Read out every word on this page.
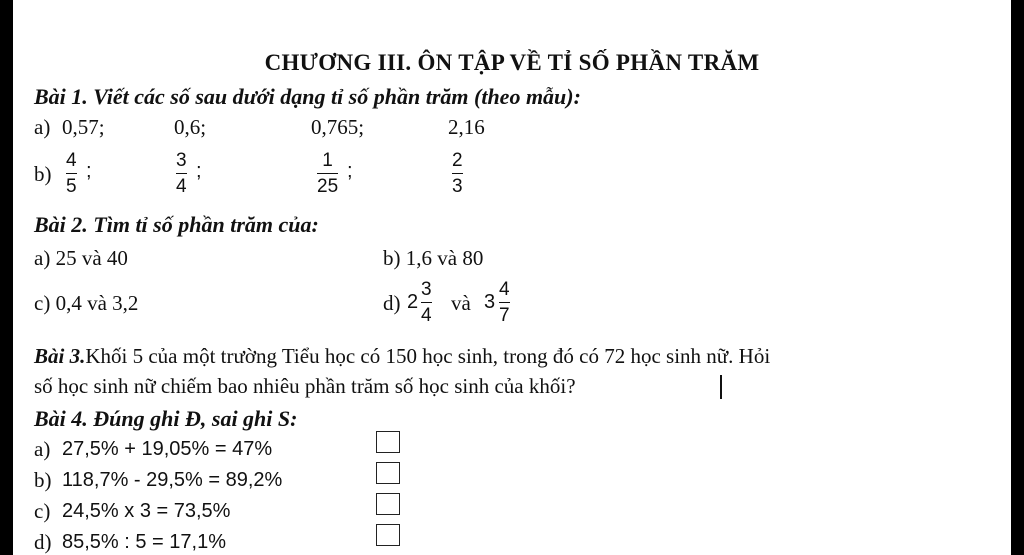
CHƯƠNG III. ÔN TẬP VỀ TỈ SỐ PHẦN TRĂM
Bài 1. Viết các số sau dưới dạng tỉ số phần trăm (theo mẫu):
a) 0,57;	0,6;	0,765;	2,16
b)
4
5
;	3
4
;	1
25
;	2
3
Bài 2. Tìm tỉ số phần trăm của:
a) 25 và 40	b) 1,6 và 80
c) 0,4 và 3,2	d) 2
3
4
và 3
4
7
Bài 3.Khối 5 của một trường Tiểu học có 150 học sinh, trong đó có 72 học sinh nữ. Hỏi
số học sinh nữ chiếm bao nhiêu phần trăm số học sinh của khối?
Bài 4. Đúng ghi Đ, sai ghi S:
a) 27,5% + 19,05% = 47%
b) 118,7% - 29,5% = 89,2%
c) 24,5% x 3 = 73,5%
d) 85,5% : 5 = 17,1%
